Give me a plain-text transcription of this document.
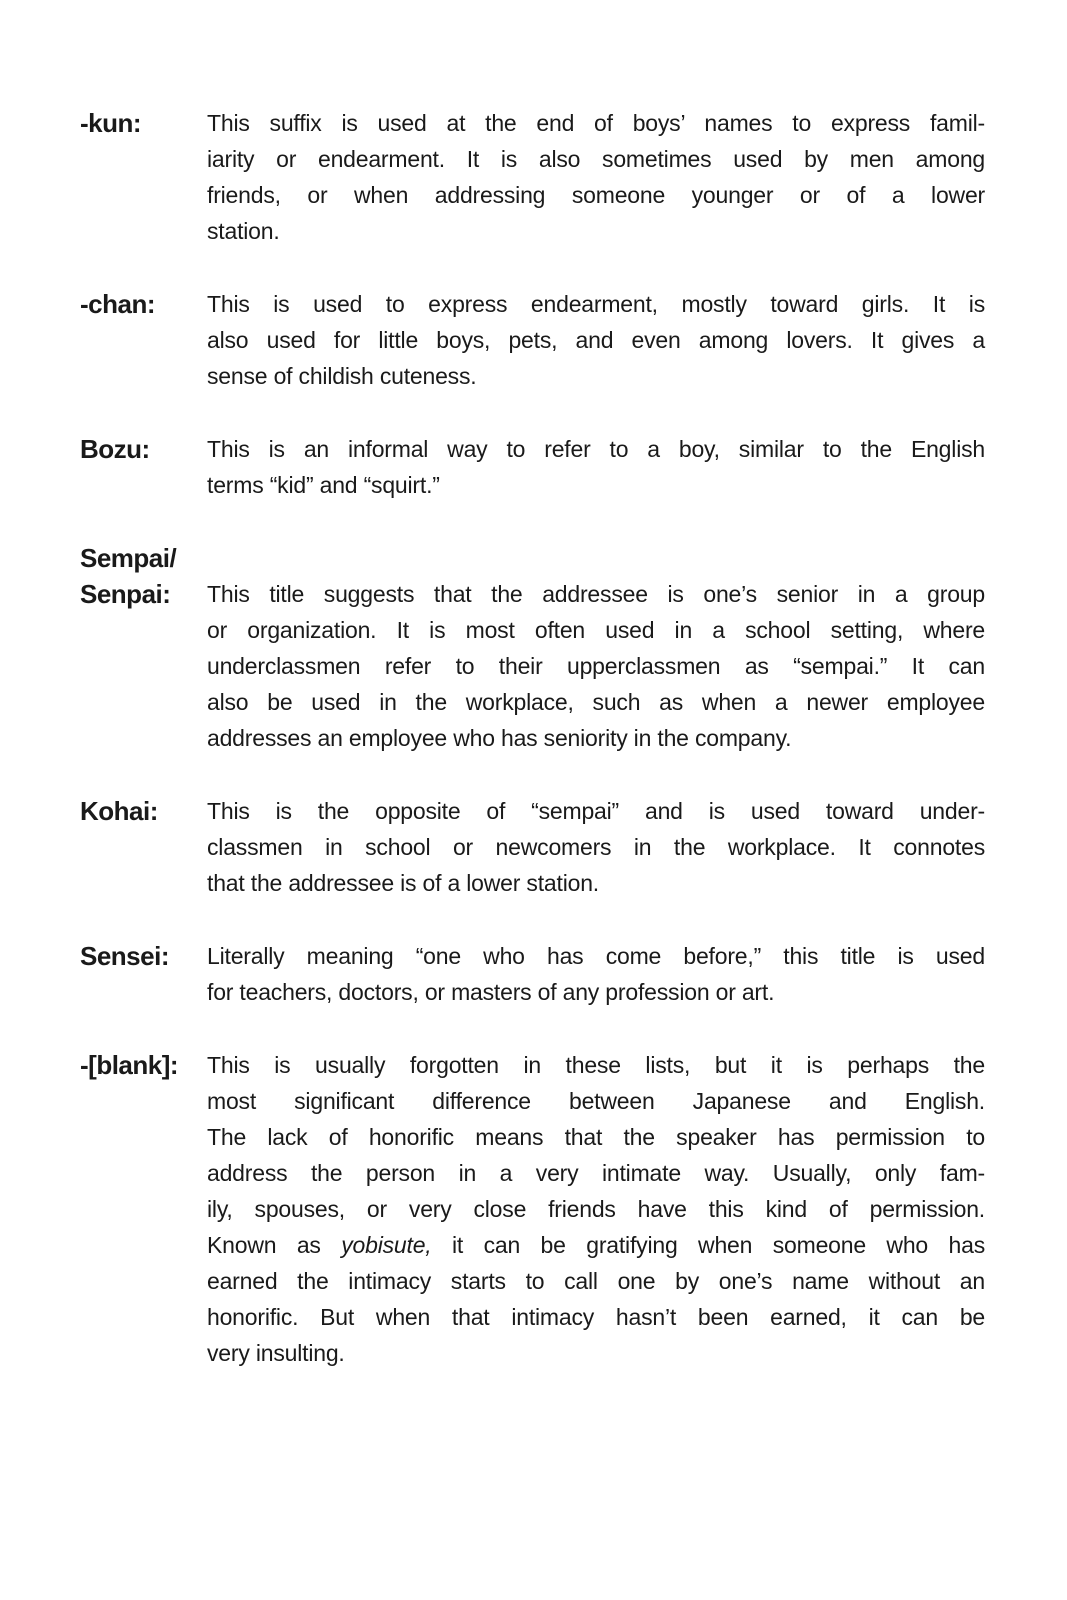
-kun:	This suffix is used at the end of boys’ names to express famil-
iarity or endearment. It is also sometimes used by men among
friends, or when addressing someone younger or of a lower
station.
-chan:	This is used to express endearment, mostly toward girls. It is
also used for little boys, pets, and even among lovers. It gives a
sense of childish cuteness.
Bozu:	This is an informal way to refer to a boy, similar to the English
terms “kid” and “squirt.”
Sempai/
Senpai:	This title suggests that the addressee is one’s senior in a group
or organization. It is most often used in a school setting, where
underclassmen refer to their upperclassmen as “sempai.” It can
also be used in the workplace, such as when a newer employee
addresses an employee who has seniority in the company.
Kohai:	This is the opposite of “sempai” and is used toward under-
classmen in school or newcomers in the workplace. It connotes
that the addressee is of a lower station.
Sensei:	Literally meaning “one who has come before,” this title is used
for teachers, doctors, or masters of any profession or art.
-[blank]:	This is usually forgotten in these lists, but it is perhaps the
most significant difference between Japanese and English.
The lack of honorific means that the speaker has permission to
address the person in a very intimate way. Usually, only fam-
ily, spouses, or very close friends have this kind of permission.
Known as yobisute, it can be gratifying when someone who has
earned the intimacy starts to call one by one’s name without an
honorific. But when that intimacy hasn’t been earned, it can be
very insulting.
